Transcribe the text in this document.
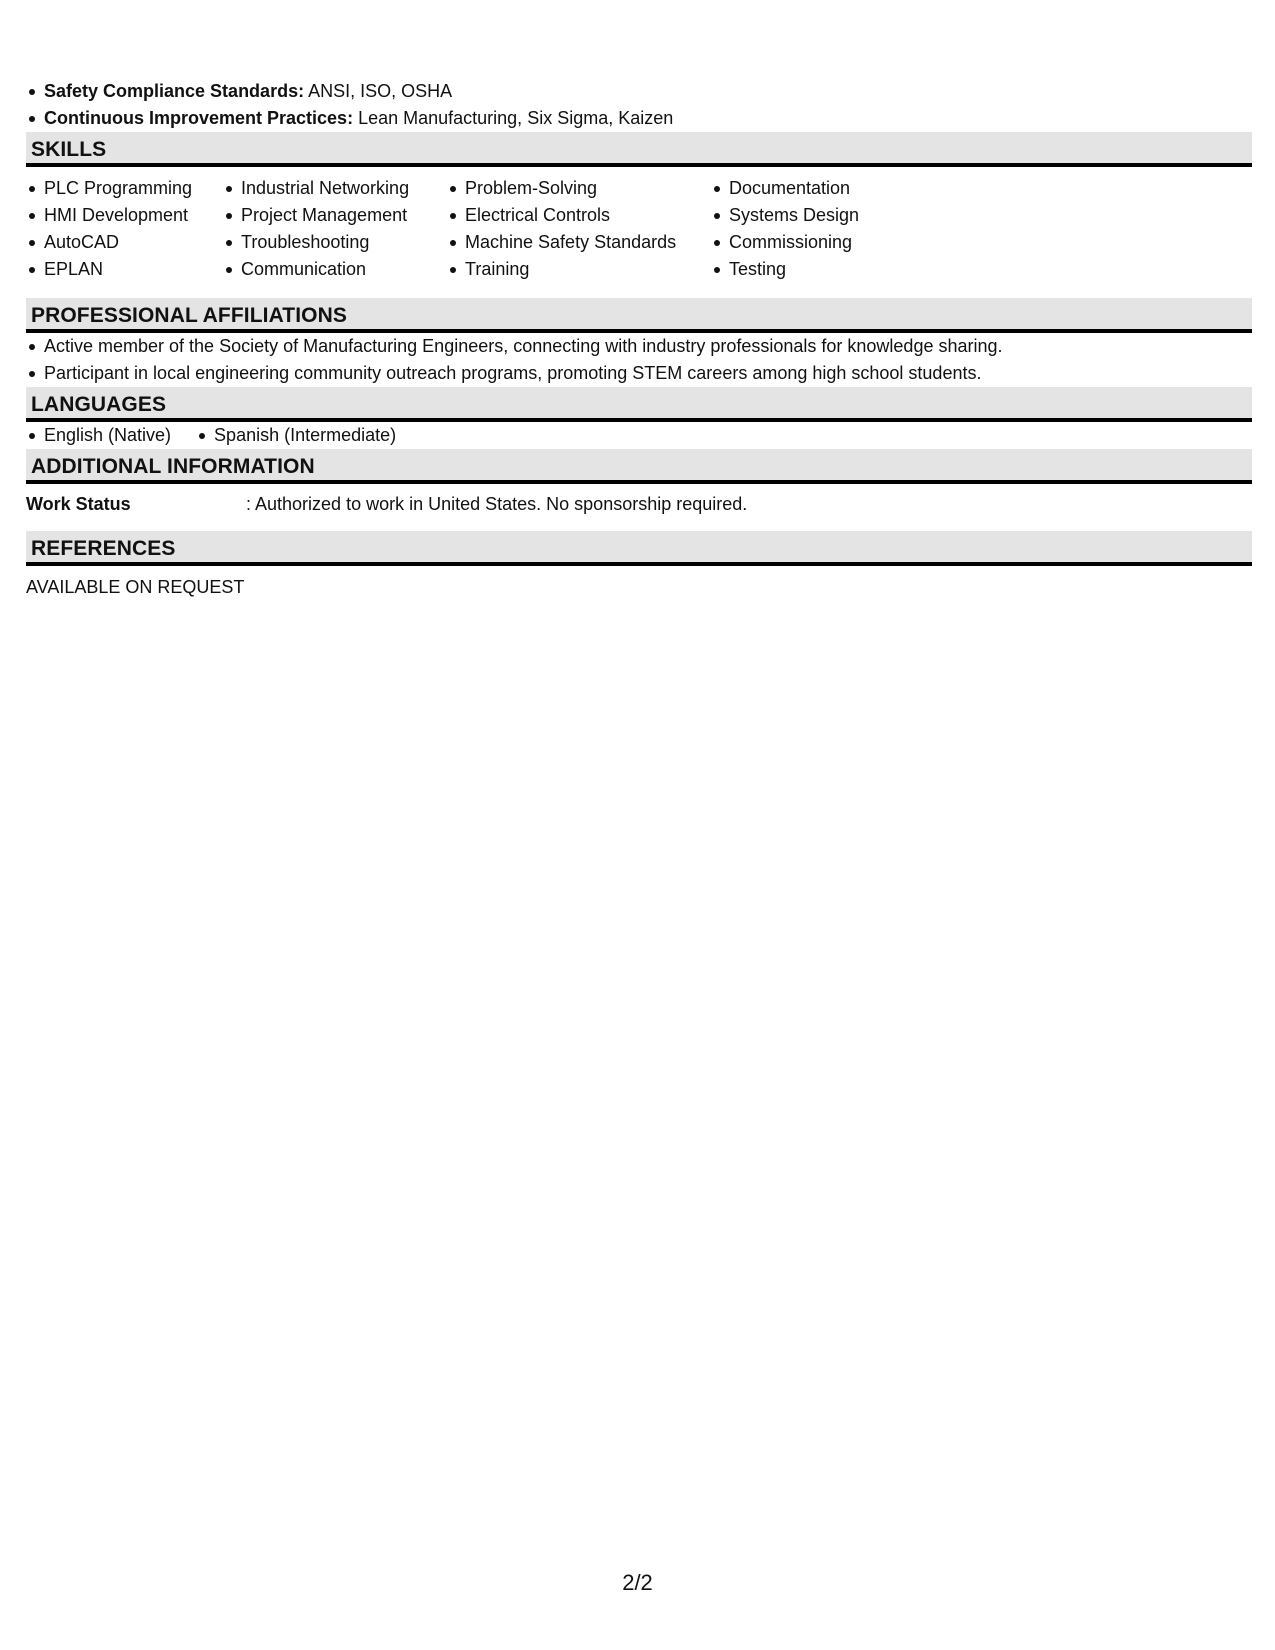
Safety Compliance Standards: ANSI, ISO, OSHA
Continuous Improvement Practices: Lean Manufacturing, Six Sigma, Kaizen
SKILLS
PLC Programming
HMI Development
AutoCAD
EPLAN
Industrial Networking
Project Management
Troubleshooting
Communication
Problem-Solving
Electrical Controls
Machine Safety Standards
Training
Documentation
Systems Design
Commissioning
Testing
PROFESSIONAL AFFILIATIONS
Active member of the Society of Manufacturing Engineers, connecting with industry professionals for knowledge sharing.
Participant in local engineering community outreach programs, promoting STEM careers among high school students.
LANGUAGES
English (Native)	Spanish (Intermediate)
ADDITIONAL INFORMATION
Work Status	: Authorized to work in United States. No sponsorship required.
REFERENCES
AVAILABLE ON REQUEST
2/2
